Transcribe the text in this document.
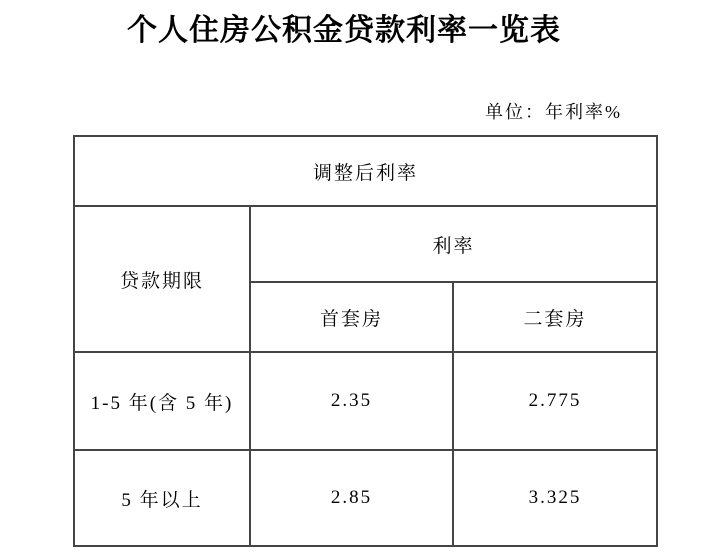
个人住房公积金贷款利率一览表
单位：年利率%
调整后利率		
贷款期限	利率	
	首套房	二套房
1-5 年(含 5 年)	2.35	2.775
5 年以上	2.85	3.325
